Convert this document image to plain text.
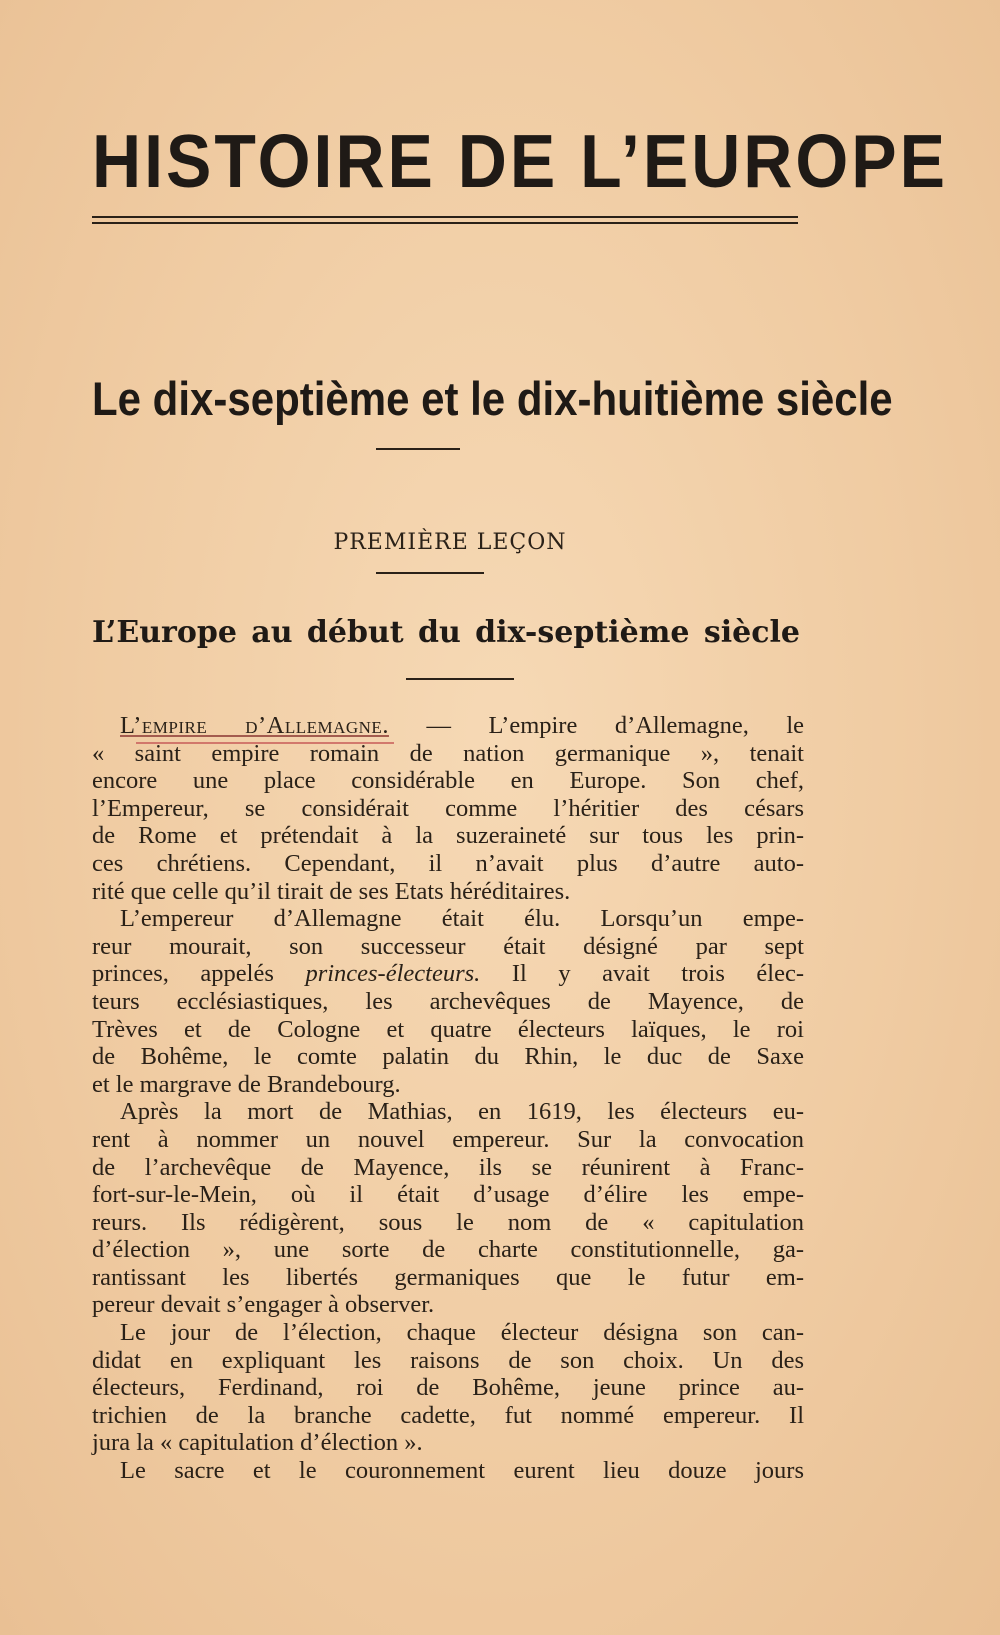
HISTOIRE DE L’EUROPE
Le dix-septième et le dix-huitième siècle
PREMIÈRE LEÇON
L’Europe au début du dix-septième siècle
L’empire d’Allemagne. — L’empire d’Allemagne, le
« saint empire romain de nation germanique », tenait
encore une place considérable en Europe. Son chef,
l’Empereur, se considérait comme l’héritier des césars
de Rome et prétendait à la suzeraineté sur tous les prin-
ces chrétiens. Cependant, il n’avait plus d’autre auto-
rité que celle qu’il tirait de ses Etats héréditaires.
L’empereur d’Allemagne était élu. Lorsqu’un empe-
reur mourait, son successeur était désigné par sept
princes, appelés princes-électeurs. Il y avait trois élec-
teurs ecclésiastiques, les archevêques de Mayence, de
Trèves et de Cologne et quatre électeurs laïques, le roi
de Bohême, le comte palatin du Rhin, le duc de Saxe
et le margrave de Brandebourg.
Après la mort de Mathias, en 1619, les électeurs eu-
rent à nommer un nouvel empereur. Sur la convocation
de l’archevêque de Mayence, ils se réunirent à Franc-
fort-sur-le-Mein, où il était d’usage d’élire les empe-
reurs. Ils rédigèrent, sous le nom de « capitulation
d’élection », une sorte de charte constitutionnelle, ga-
rantissant les libertés germaniques que le futur em-
pereur devait s’engager à observer.
Le jour de l’élection, chaque électeur désigna son can-
didat en expliquant les raisons de son choix. Un des
électeurs, Ferdinand, roi de Bohême, jeune prince au-
trichien de la branche cadette, fut nommé empereur. Il
jura la « capitulation d’élection ».
Le sacre et le couronnement eurent lieu douze jours
